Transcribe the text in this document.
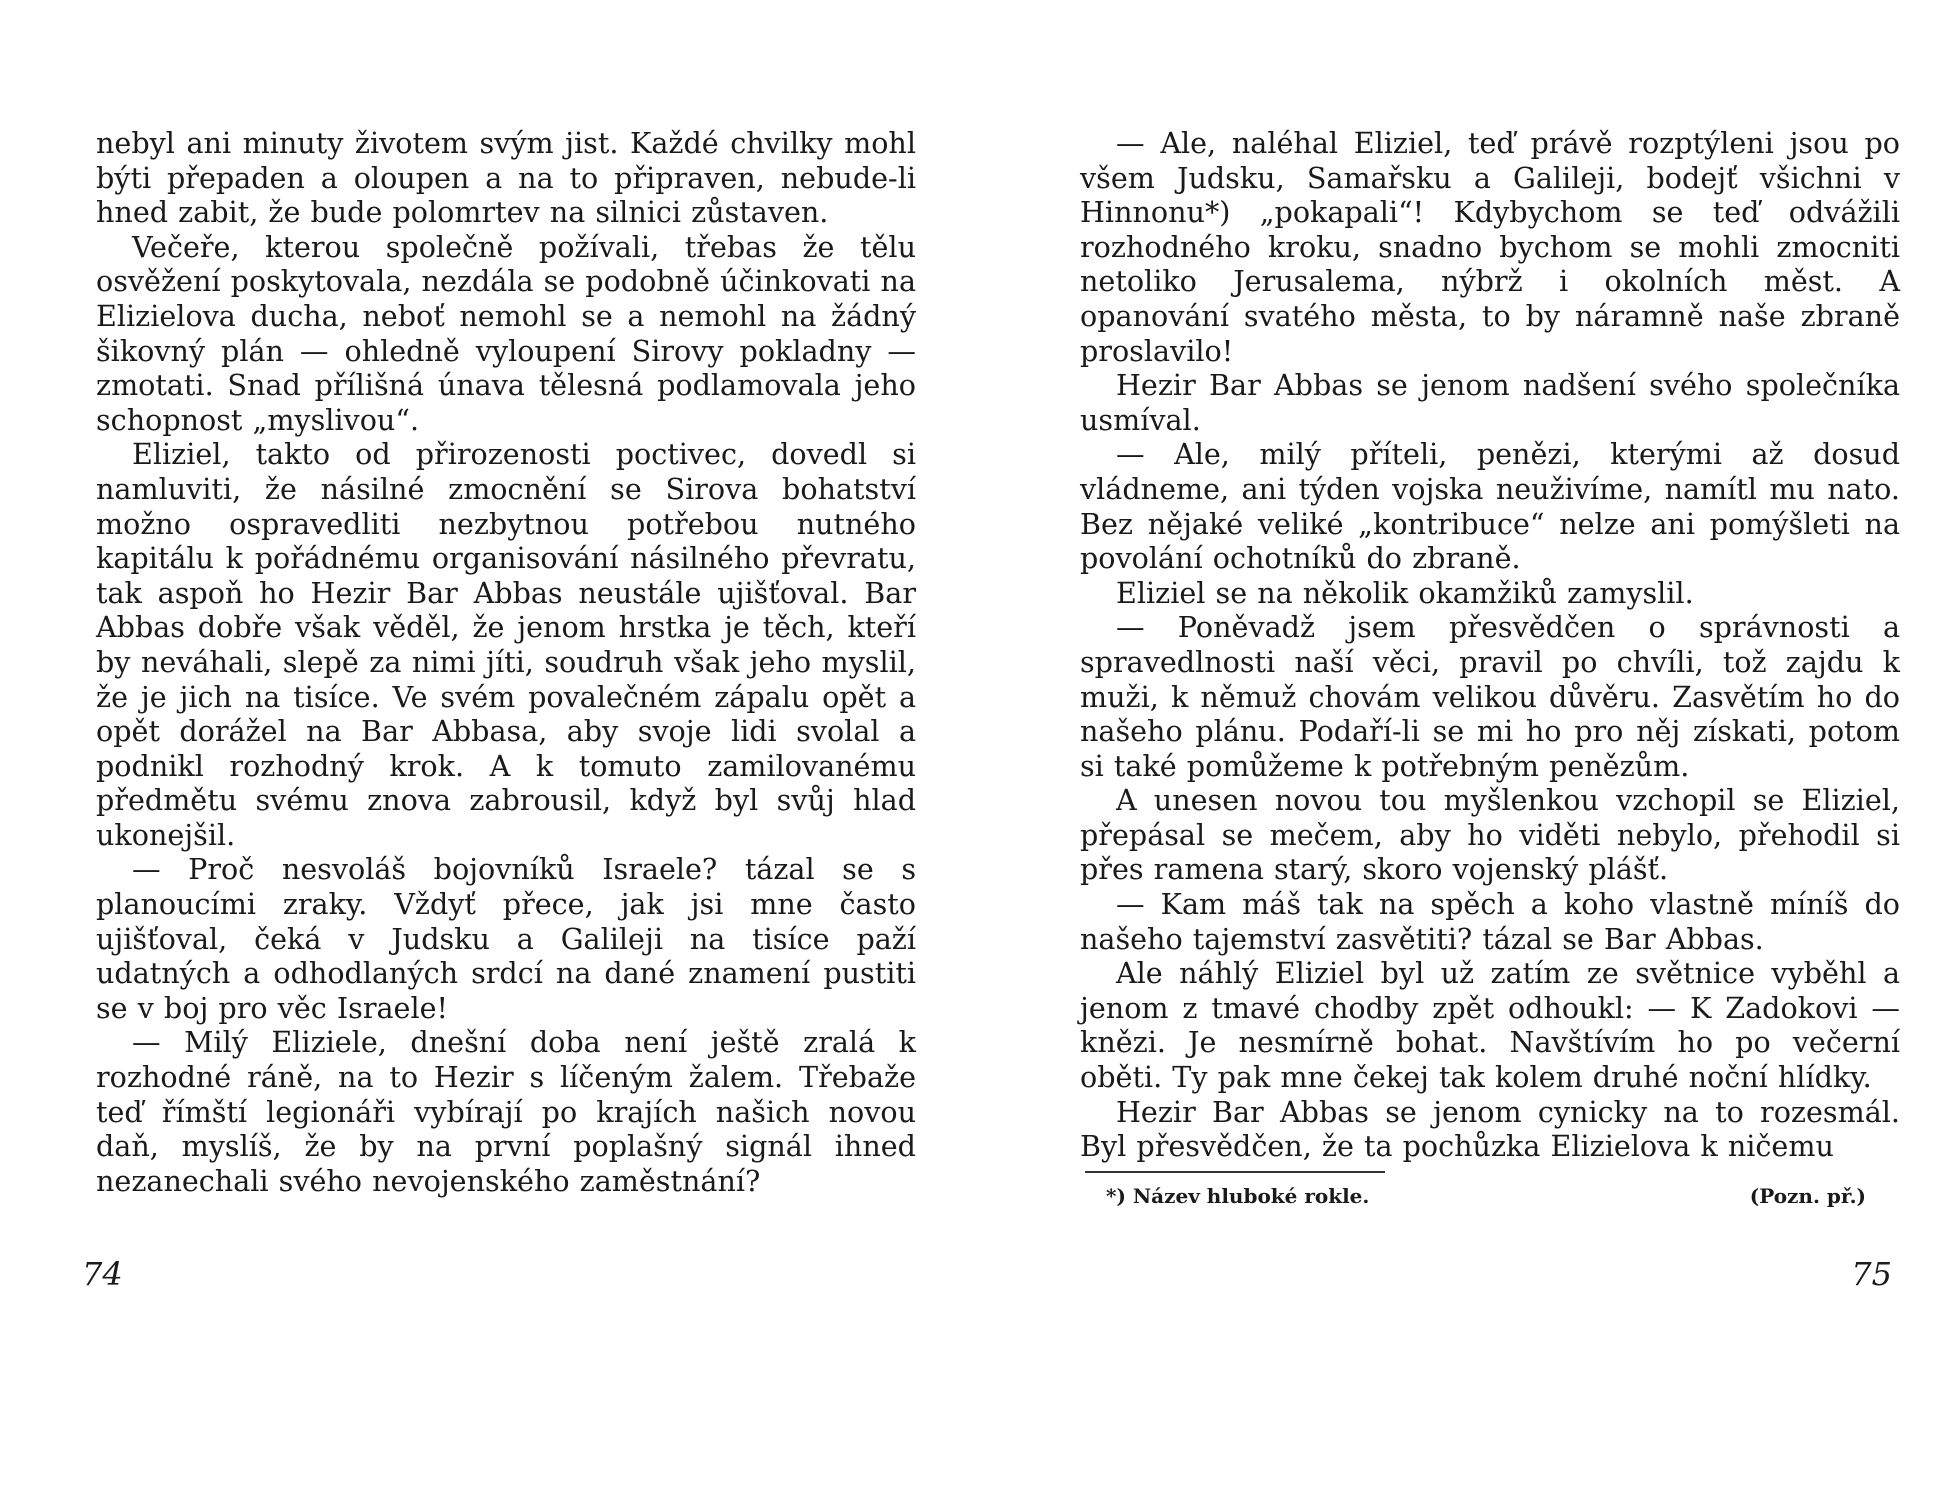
nebyl ani minuty životem svým jist. Každé chvilky mohl býti přepaden a oloupen a na to připraven, nebude-li hned zabit, že bude polomrtev na silnici zůstaven.

Večeře, kterou společně požívali, třebas že tělu osvěžení poskytovala, nezdála se podobně účinkovati na Elizielova ducha, neboť nemohl se a nemohl na žádný šikovný plán — ohledně vyloupení Sirovy pokladny — zmotati. Snad přílišná únava tělesná podlamovala jeho schopnost „myslivou“.

Eliziel, takto od přirozenosti poctivec, dovedl si namluviti, že násilné zmocnění se Sirova bohatství možno ospravedliti nezbytnou potřebou nutného kapitálu k pořádnému organisování násilného převratu, tak aspoň ho Hezir Bar Abbas neustále ujišťoval. Bar Abbas dobře však věděl, že jenom hrstka je těch, kteří by neváhali, slepě za nimi jíti, soudruh však jeho myslil, že je jich na tisíce. Ve svém povalečném zápalu opět a opět dorážel na Bar Abbasa, aby svoje lidi svolal a podnikl rozhodný krok. A k tomuto zamilovanému předmětu svému znova zabrousil, když byl svůj hlad ukonejšil.

— Proč nesvoláš bojovníků Israele? tázal se s planoucími zraky. Vždyť přece, jak jsi mne často ujišťoval, čeká v Judsku a Galileji na tisíce paží udatných a odhodlaných srdcí na dané znamení pustiti se v boj pro věc Israele!

— Milý Eliziele, dnešní doba není ještě zralá k rozhodné ráně, na to Hezir s líčeným žalem. Třebaže teď římští legionáři vybírají po krajích našich novou daň, myslíš, že by na první poplašný signál ihned nezanechali svého nevojenského zaměstnání?

— Ale, naléhal Eliziel, teď právě rozptýleni jsou po všem Judsku, Samařsku a Galileji, bodejť všichni v Hinnonu*) „pokapali“! Kdybychom se teď odvážili rozhodného kroku, snadno bychom se mohli zmocniti netoliko Jerusalema, nýbrž i okolních měst. A opanování svatého města, to by náramně naše zbraně proslavilo!

Hezir Bar Abbas se jenom nadšení svého společníka usmíval.

— Ale, milý příteli, penězi, kterými až dosud vládneme, ani týden vojska neuživíme, namítl mu nato. Bez nějaké veliké „kontribuce“ nelze ani pomýšleti na povolání ochotníků do zbraně.

Eliziel se na několik okamžiků zamyslil.

— Poněvadž jsem přesvědčen o správnosti a spravedlnosti naší věci, pravil po chvíli, tož zajdu k muži, k němuž chovám velikou důvěru. Zasvětím ho do našeho plánu. Podaří-li se mi ho pro něj získati, potom si také pomůžeme k potřebným penězům.

A unesen novou tou myšlenkou vzchopil se Eliziel, přepásal se mečem, aby ho viděti nebylo, přehodil si přes ramena starý, skoro vojenský plášť.

— Kam máš tak na spěch a koho vlastně míníš do našeho tajemství zasvětiti? tázal se Bar Abbas.

Ale náhlý Eliziel byl už zatím ze světnice vyběhl a jenom z tmavé chodby zpět odhoukl: — K Zadokovi — knězi. Je nesmírně bohat. Navštívím ho po večerní oběti. Ty pak mne čekej tak kolem druhé noční hlídky.

Hezir Bar Abbas se jenom cynicky na to rozesmál. Byl přesvědčen, že ta pochůzka Elizielova k ničemu

*) Název hluboké rokle.	(Pozn. př.)
74	75
